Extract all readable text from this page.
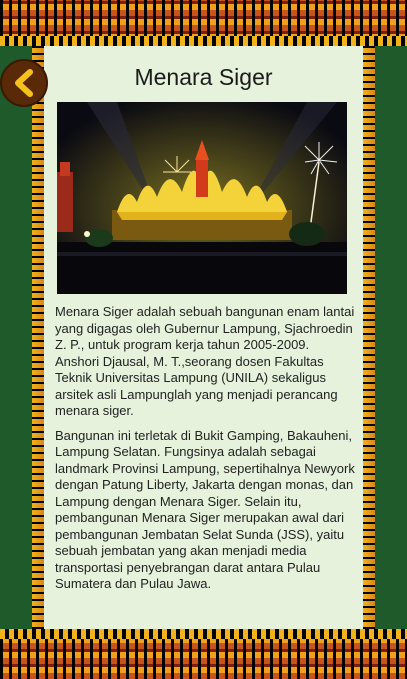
Menara Siger

Menara Siger adalah sebuah bangunan enam lantai yang digagas oleh Gubernur Lampung, Sjachroedin Z. P., untuk program kerja tahun 2005-2009. Anshori Djausal, M. T.,seorang dosen Fakultas Teknik Universitas Lampung (UNILA) sekaligus arsitek asli Lampunglah yang menjadi perancang menara siger.

Bangunan ini terletak di Bukit Gamping, Bakauheni, Lampung Selatan. Fungsinya adalah sebagai landmark Provinsi Lampung, sepertihalnya Newyork dengan Patung Liberty, Jakarta dengan monas, dan Lampung dengan Menara Siger. Selain itu, pembangunan Menara Siger merupakan awal dari pembangunan Jembatan Selat Sunda (JSS), yaitu sebuah jembatan yang akan menjadi media transportasi penyebrangan darat antara Pulau Sumatera dan Pulau Jawa.
